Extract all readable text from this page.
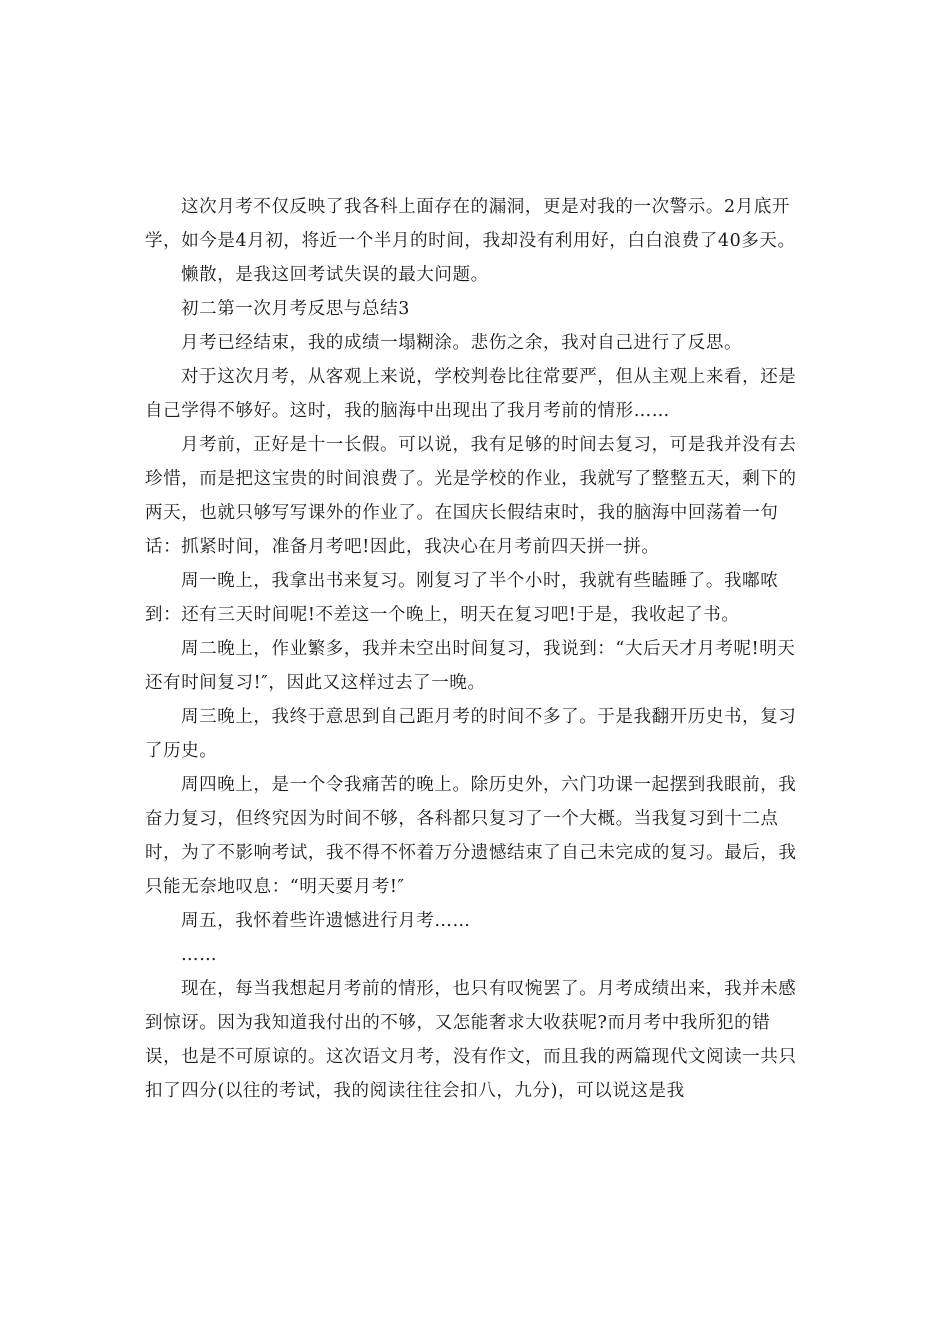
这次月考不仅反映了我各科上面存在的漏洞，更是对我的一次警示。2月底开学，如今是4月初，将近一个半月的时间，我却没有利用好，白白浪费了40多天。

懒散，是我这回考试失误的最大问题。

初二第一次月考反思与总结3

月考已经结束，我的成绩一塌糊涂。悲伤之余，我对自己进行了反思。

对于这次月考，从客观上来说，学校判卷比往常要严，但从主观上来看，还是自己学得不够好。这时，我的脑海中出现出了我月考前的情形……

月考前，正好是十一长假。可以说，我有足够的时间去复习，可是我并没有去珍惜，而是把这宝贵的时间浪费了。光是学校的作业，我就写了整整五天，剩下的两天，也就只够写写课外的作业了。在国庆长假结束时，我的脑海中回荡着一句话：抓紧时间，准备月考吧!因此，我决心在月考前四天拼一拼。

周一晚上，我拿出书来复习。刚复习了半个小时，我就有些瞌睡了。我嘟哝到：还有三天时间呢!不差这一个晚上，明天在复习吧!于是，我收起了书。

周二晚上，作业繁多，我并未空出时间复习，我说到：“大后天才月考呢!明天还有时间复习!″，因此又这样过去了一晚。

周三晚上，我终于意思到自己距月考的时间不多了。于是我翻开历史书，复习了历史。

周四晚上，是一个令我痛苦的晚上。除历史外，六门功课一起摆到我眼前，我奋力复习，但终究因为时间不够，各科都只复习了一个大概。当我复习到十二点时，为了不影响考试，我不得不怀着万分遗憾结束了自己未完成的复习。最后，我只能无奈地叹息：“明天要月考!″

周五，我怀着些许遗憾进行月考……

……

现在，每当我想起月考前的情形，也只有叹惋罢了。月考成绩出来，我并未感到惊讶。因为我知道我付出的不够，又怎能奢求大收获呢?而月考中我所犯的错误，也是不可原谅的。这次语文月考，没有作文，而且我的两篇现代文阅读一共只扣了四分(以往的考试，我的阅读往往会扣八，九分)，可以说这是我
